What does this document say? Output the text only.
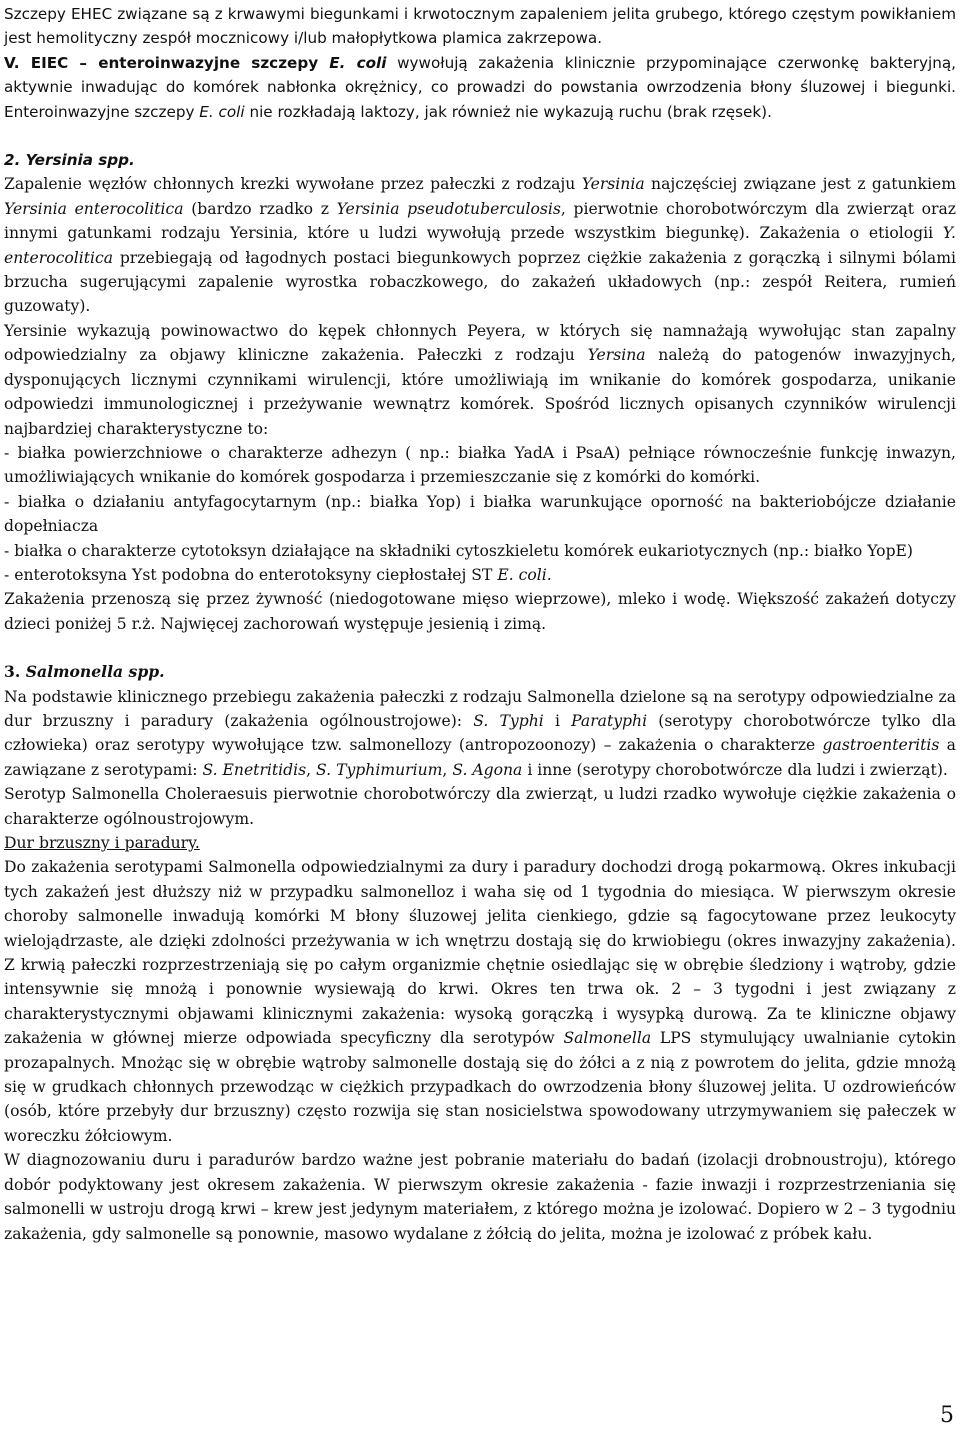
Szczepy EHEC związane są z krwawymi biegunkami i krwotocznym zapaleniem jelita grubego, którego częstym powikłaniem jest hemolityczny zespół mocznicowy i/lub małopłytkowa plamica zakrzepowa.

V. EIEC – enteroinwazyjne szczepy E. coli wywołują zakażenia klinicznie przypominające czerwonkę bakteryjną, aktywnie inwadując do komórek nabłonka okrężnicy, co prowadzi do powstania owrzodzenia błony śluzowej i biegunki. Enteroinwazyjne szczepy E. coli nie rozkładają laktozy, jak również nie wykazują ruchu (brak rzęsek).

2. Yersinia spp.

Zapalenie węzłów chłonnych krezki wywołane przez pałeczki z rodzaju Yersinia najczęściej związane jest z gatunkiem Yersinia enterocolitica (bardzo rzadko z Yersinia pseudotuberculosis, pierwotnie chorobotwórczym dla zwierząt oraz innymi gatunkami rodzaju Yersinia, które u ludzi wywołują przede wszystkim biegunkę). Zakażenia o etiologii Y. enterocolitica przebiegają od łagodnych postaci biegunkowych poprzez ciężkie zakażenia z gorączką i silnymi bólami brzucha sugerującymi zapalenie wyrostka robaczkowego, do zakażeń układowych (np.: zespół Reitera, rumień guzowaty).

Yersinie wykazują powinowactwo do kępek chłonnych Peyera, w których się namnażają wywołując stan zapalny odpowiedzialny za objawy kliniczne zakażenia. Pałeczki z rodzaju Yersina należą do patogenów inwazyjnych, dysponujących licznymi czynnikami wirulencji, które umożliwiają im wnikanie do komórek gospodarza, unikanie odpowiedzi immunologicznej i przeżywanie wewnątrz komórek. Spośród licznych opisanych czynników wirulencji najbardziej charakterystyczne to:

- białka powierzchniowe o charakterze adhezyn ( np.: białka YadA i PsaA) pełniące równocześnie funkcję inwazyn, umożliwiających wnikanie do komórek gospodarza i przemieszczanie się z komórki do komórki.

- białka o działaniu antyfagocytarnym (np.: białka Yop) i białka warunkujące oporność na bakteriobójcze działanie dopełniacza

- białka o charakterze cytotoksyn działające na składniki cytoszkieletu komórek eukariotycznych (np.: białko YopE)

- enterotoksyna Yst podobna do enterotoksyny ciepłostałej ST E. coli.

Zakażenia przenoszą się przez żywność (niedogotowane mięso wieprzowe), mleko i wodę. Większość zakażeń dotyczy dzieci poniżej 5 r.ż. Najwięcej zachorowań występuje jesienią i zimą.

3. Salmonella spp.

Na podstawie klinicznego przebiegu zakażenia pałeczki z rodzaju Salmonella dzielone są na serotypy odpowiedzialne za dur brzuszny i paradury (zakażenia ogólnoustrojowe): S. Typhi i Paratyphi (serotypy chorobotwórcze tylko dla człowieka) oraz serotypy wywołujące tzw. salmonellozy (antropozoonozy) – zakażenia o charakterze gastroenteritis a zawiązane z serotypami: S. Enetritidis, S. Typhimurium, S. Agona i inne (serotypy chorobotwórcze dla ludzi i zwierząt).

Serotyp Salmonella Choleraesuis pierwotnie chorobotwórczy dla zwierząt, u ludzi rzadko wywołuje ciężkie zakażenia o charakterze ogólnoustrojowym.

Dur brzuszny i paradury.

Do zakażenia serotypami Salmonella odpowiedzialnymi za dury i paradury dochodzi drogą pokarmową. Okres inkubacji tych zakażeń jest dłuższy niż w przypadku salmonelloz i waha się od 1 tygodnia do miesiąca. W pierwszym okresie choroby salmonelle inwadują komórki M błony śluzowej jelita cienkiego, gdzie są fagocytowane przez leukocyty wielojądrzaste, ale dzięki zdolności przeżywania w ich wnętrzu dostają się do krwiobiegu (okres inwazyjny zakażenia). Z krwią pałeczki rozprzestrzeniają się po całym organizmie chętnie osiedlając się w obrębie śledziony i wątroby, gdzie intensywnie się mnożą i ponownie wysiewają do krwi. Okres ten trwa ok. 2 – 3 tygodni i jest związany z charakterystycznymi objawami klinicznymi zakażenia: wysoką gorączką i wysypką durową. Za te kliniczne objawy zakażenia w głównej mierze odpowiada specyficzny dla serotypów Salmonella LPS stymulujący uwalnianie cytokin prozapalnych. Mnożąc się w obrębie wątroby salmonelle dostają się do żółci a z nią z powrotem do jelita, gdzie mnożą się w grudkach chłonnych przewodząc w ciężkich przypadkach do owrzodzenia błony śluzowej jelita. U ozdrowieńców (osób, które przebyły dur brzuszny) często rozwija się stan nosicielstwa spowodowany utrzymywaniem się pałeczek w woreczku żółciowym.

W diagnozowaniu duru i paradurów bardzo ważne jest pobranie materiału do badań (izolacji drobnoustroju), którego dobór podyktowany jest okresem zakażenia. W pierwszym okresie zakażenia - fazie inwazji i rozprzestrzeniania się salmonelli w ustroju drogą krwi – krew jest jedynym materiałem, z którego można je izolować. Dopiero w 2 – 3 tygodniu zakażenia, gdy salmonelle są ponownie, masowo wydalane z żółcią do jelita, można je izolować z próbek kału.

5
